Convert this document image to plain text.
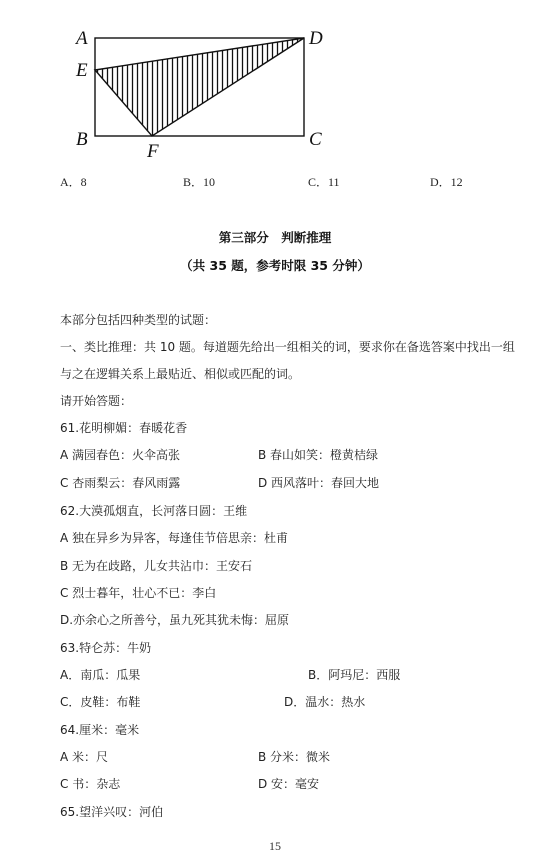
A	D
E
B	C
F
A．8	B．10	C．11	D．12
第三部分　判断推理
（共 35 题，参考时限 35 分钟）
本部分包括四种类型的试题：
一、类比推理：共 10 题。每道题先给出一组相关的词，要求你在备选答案中找出一组
与之在逻辑关系上最贴近、相似或匹配的词。
请开始答题：
61.花明柳媚：春暖花香
A 满园春色：火伞高张	B 春山如笑：橙黄桔绿
C 杏雨梨云：春风雨露	D 西风落叶：春回大地
62.大漠孤烟直，长河落日圆：王维
A 独在异乡为异客，每逢佳节倍思亲：杜甫
B 无为在歧路，儿女共沾巾：王安石
C 烈士暮年，壮心不已：李白
D.亦余心之所善兮，虽九死其犹未悔：屈原
63.特仑苏：牛奶
A．南瓜：瓜果	B．阿玛尼：西服
C．皮鞋：布鞋	D．温水：热水
64.厘米：毫米
A 米：尺	B 分米：微米
C 书：杂志	D 安：毫安
65.望洋兴叹：河伯
15
